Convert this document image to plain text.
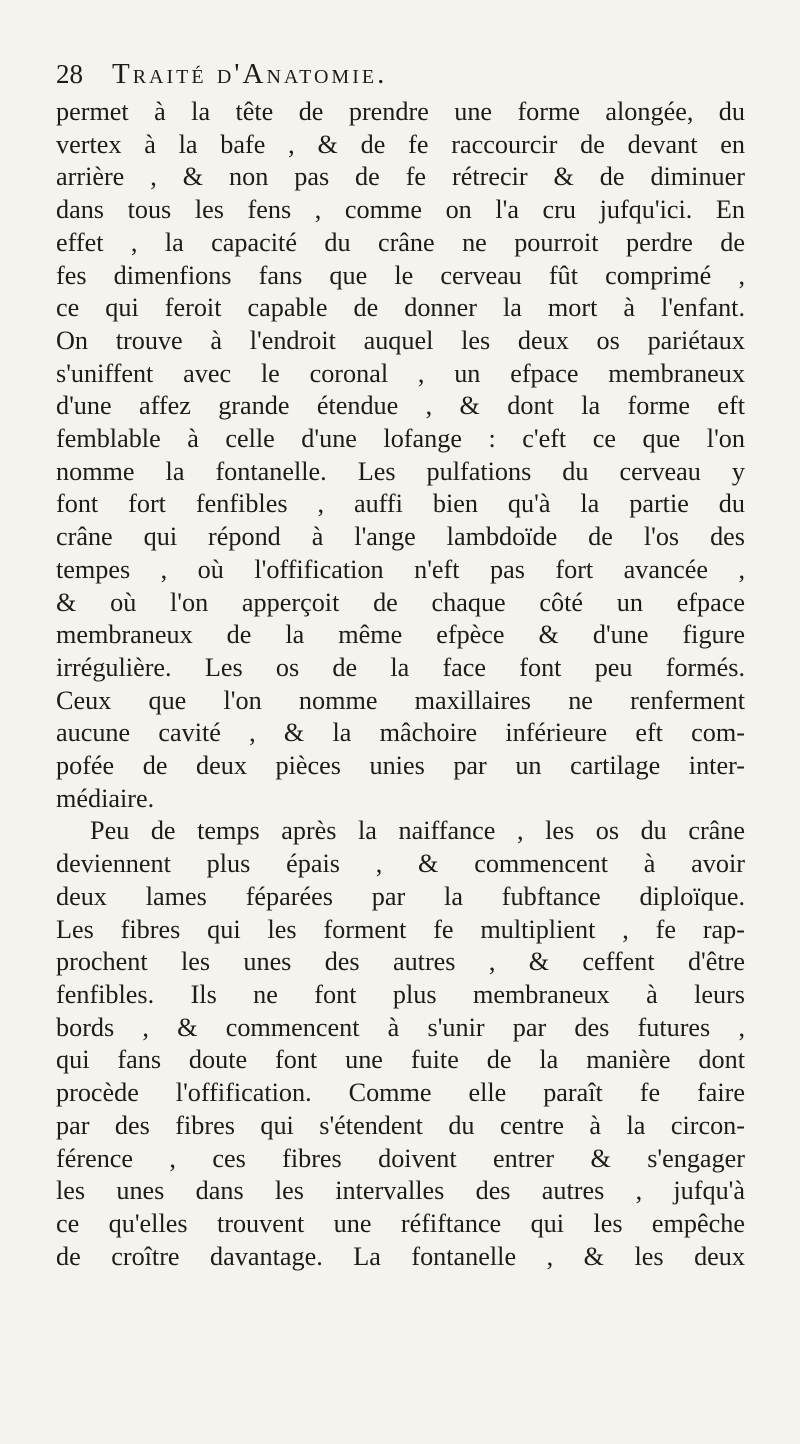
28	Traité d'Anatomie.
permet à la tête de prendre une forme alongée, du
vertex à la bafe , & de fe raccourcir de devant en
arrière , & non pas de fe rétrecir & de diminuer
dans tous les fens , comme on l'a cru jufqu'ici. En
effet , la capacité du crâne ne pourroit perdre de
fes dimenfions fans que le cerveau fût comprimé ,
ce qui feroit capable de donner la mort à l'enfant.
On trouve à l'endroit auquel les deux os pariétaux
s'uniffent avec le coronal , un efpace membraneux
d'une affez grande étendue , & dont la forme eft
femblable à celle d'une lofange : c'eft ce que l'on
nomme la fontanelle. Les pulfations du cerveau y
font fort fenfibles , auffi bien qu'à la partie du
crâne qui répond à l'ange lambdoïde de l'os des
tempes , où l'offification n'eft pas fort avancée ,
& où l'on apperçoit de chaque côté un efpace
membraneux de la même efpèce & d'une figure
irrégulière. Les os de la face font peu formés.
Ceux que l'on nomme maxillaires ne renferment
aucune cavité , & la mâchoire inférieure eft com-
pofée de deux pièces unies par un cartilage inter-
médiaire.
Peu de temps après la naiffance , les os du crâne
deviennent plus épais , & commencent à avoir
deux lames féparées par la fubftance diploïque.
Les fibres qui les forment fe multiplient , fe rap-
prochent les unes des autres , & ceffent d'être
fenfibles. Ils ne font plus membraneux à leurs
bords , & commencent à s'unir par des futures ,
qui fans doute font une fuite de la manière dont
procède l'offification. Comme elle paraît fe faire
par des fibres qui s'étendent du centre à la circon-
férence , ces fibres doivent entrer & s'engager
les unes dans les intervalles des autres , jufqu'à
ce qu'elles trouvent une réfiftance qui les empêche
de croître davantage. La fontanelle , & les deux
